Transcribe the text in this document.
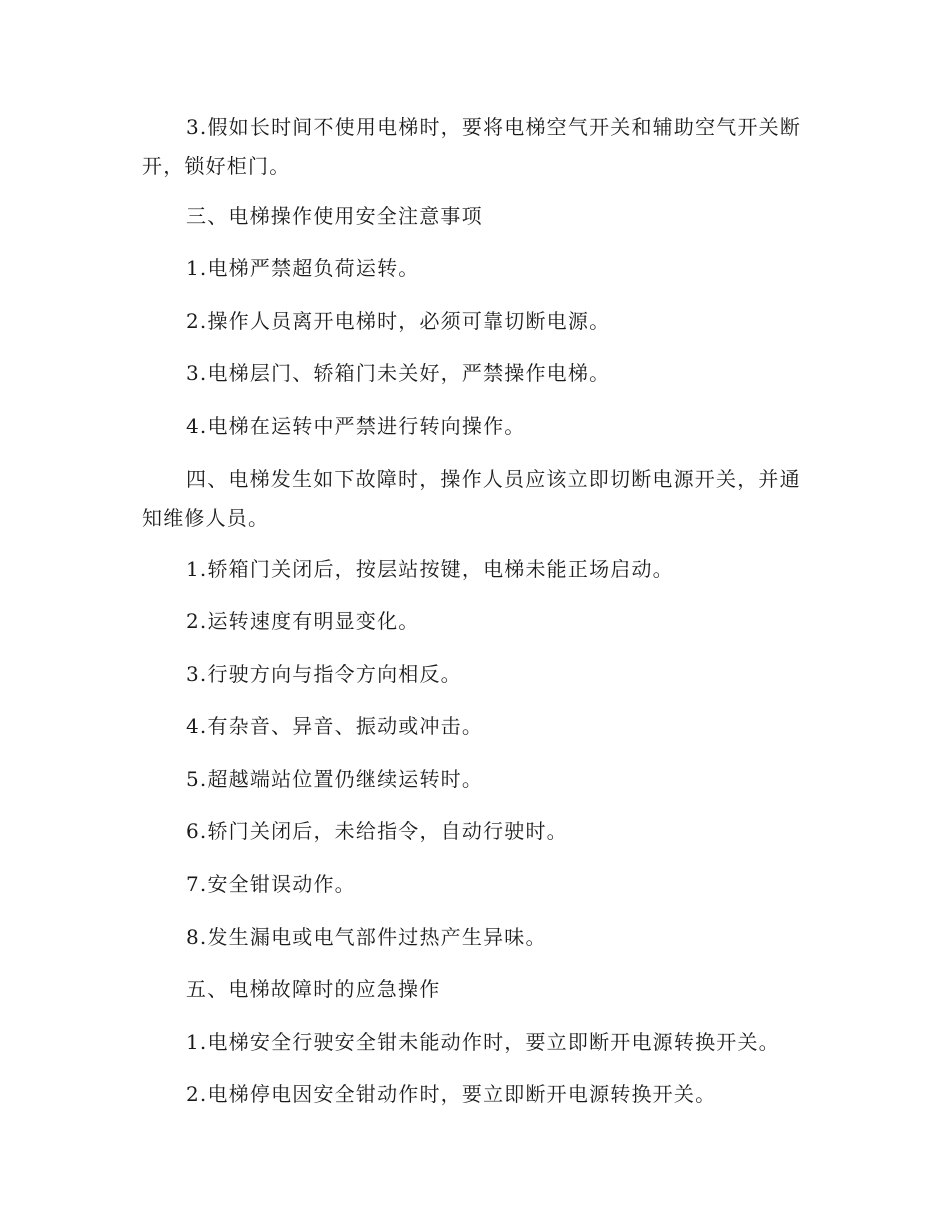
3.假如长时间不使用电梯时，要将电梯空气开关和辅助空气开关断开，锁好柜门。

三、电梯操作使用安全注意事项

1.电梯严禁超负荷运转。

2.操作人员离开电梯时，必须可靠切断电源。

3.电梯层门、轿箱门未关好，严禁操作电梯。

4.电梯在运转中严禁进行转向操作。

四、电梯发生如下故障时，操作人员应该立即切断电源开关，并通知维修人员。

1.轿箱门关闭后，按层站按键，电梯未能正场启动。

2.运转速度有明显变化。

3.行驶方向与指令方向相反。

4.有杂音、异音、振动或冲击。

5.超越端站位置仍继续运转时。

6.轿门关闭后，未给指令，自动行驶时。

7.安全钳误动作。

8.发生漏电或电气部件过热产生异味。

五、电梯故障时的应急操作

1.电梯安全行驶安全钳未能动作时，要立即断开电源转换开关。

2.电梯停电因安全钳动作时，要立即断开电源转换开关。
